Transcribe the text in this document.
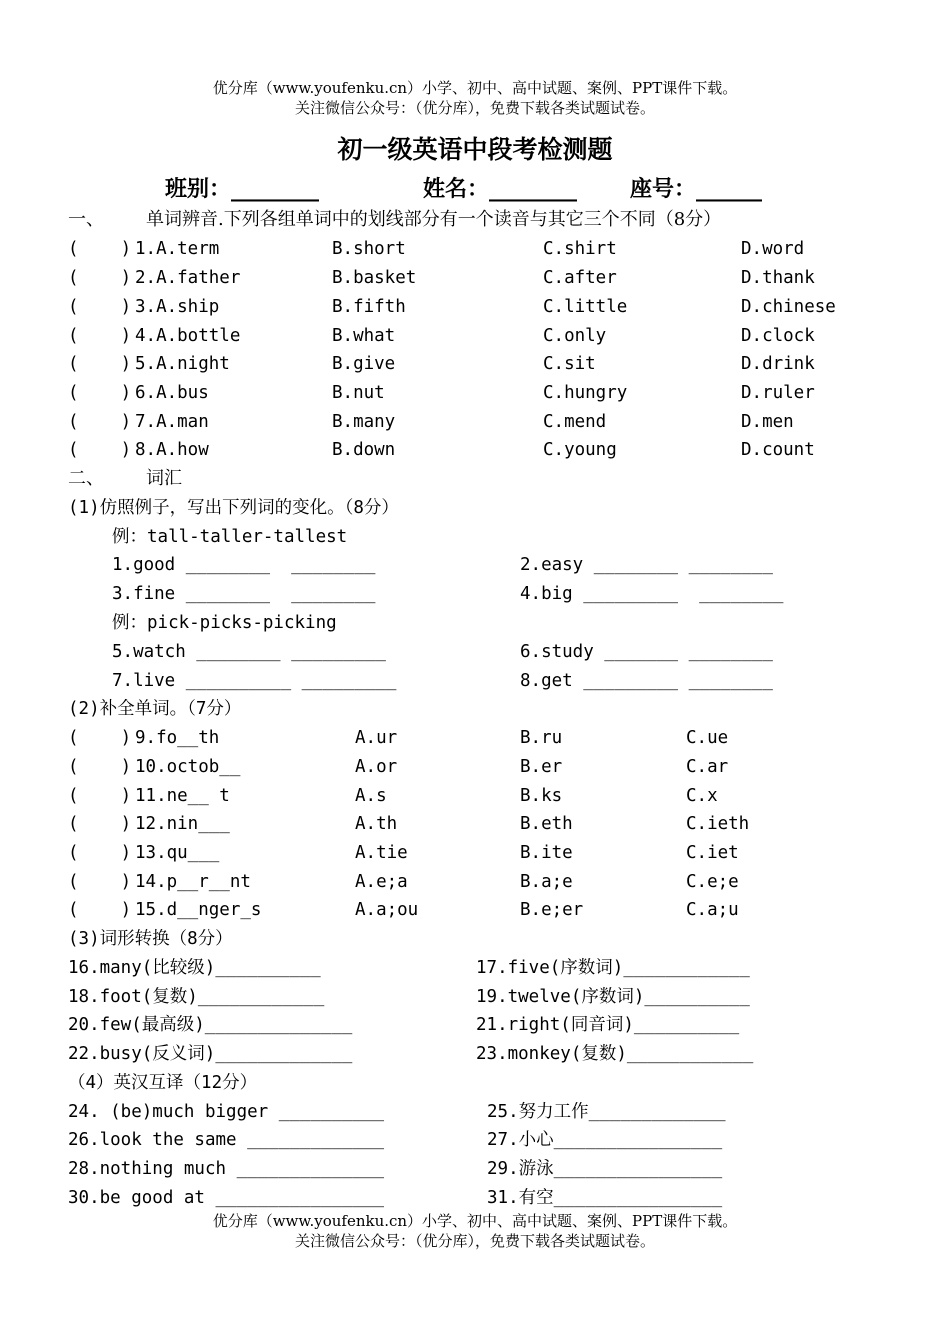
优分库（www.youfenku.cn）小学、初中、高中试题、案例、PPT课件下载。
关注微信公众号：（优分库），免费下载各类试题试卷。
初一级英语中段考检测题
班别：________	姓名：________ 座号：______
一、 单词辨音.下列各组单词中的划线部分有一个读音与其它三个不同（8分）
(    ) 1.A.term	B.short	C.shirt	D.word
(    ) 2.A.father	B.basket	C.after	D.thank
(    ) 3.A.ship	B.fifth	C.little	D.chinese
(    ) 4.A.bottle	B.what	C.only	D.clock
(    ) 5.A.night	B.give	C.sit	D.drink
(    ) 6.A.bus	B.nut	C.hungry	D.ruler
(    ) 7.A.man	B.many	C.mend	D.men
(    ) 8.A.how	B.down	C.young	D.count
二、 词汇
(1)仿照例子，写出下列词的变化。（8分）
例：tall-taller-tallest
1.good ________  ________	2.easy ________ ________
3.fine ________  ________	4.big _________  ________
例：pick-picks-picking
5.watch ________ _________	6.study _______ ________
7.live __________ _________	8.get _________ ________
(2)补全单词。（7分）
(    ) 9.fo__th	A.ur	B.ru	C.ue
(    ) 10.octob__	A.or	B.er	C.ar
(    ) 11.ne__ t	A.s	B.ks	C.x
(    ) 12.nin___	A.th	B.eth	C.ieth
(    ) 13.qu___	A.tie	B.ite	C.iet
(    ) 14.p__r__nt	A.e;a	B.a;e	C.e;e
(    ) 15.d__nger_s	A.a;ou	B.e;er	C.a;u
(3)词形转换（8分）
16.many(比较级)__________	17.five(序数词)____________
18.foot(复数)____________	19.twelve(序数词)__________
20.few(最高级)______________	21.right(同音词)__________
22.busy(反义词)_____________	23.monkey(复数)____________
（4）英汉互译（12分）
24. (be)much bigger __________	25.努力工作_____________
26.look the same _____________	27.小心________________
28.nothing much ______________	29.游泳________________
30.be good at ________________	31.有空________________
优分库（www.youfenku.cn）小学、初中、高中试题、案例、PPT课件下载。
关注微信公众号：（优分库），免费下载各类试题试卷。
